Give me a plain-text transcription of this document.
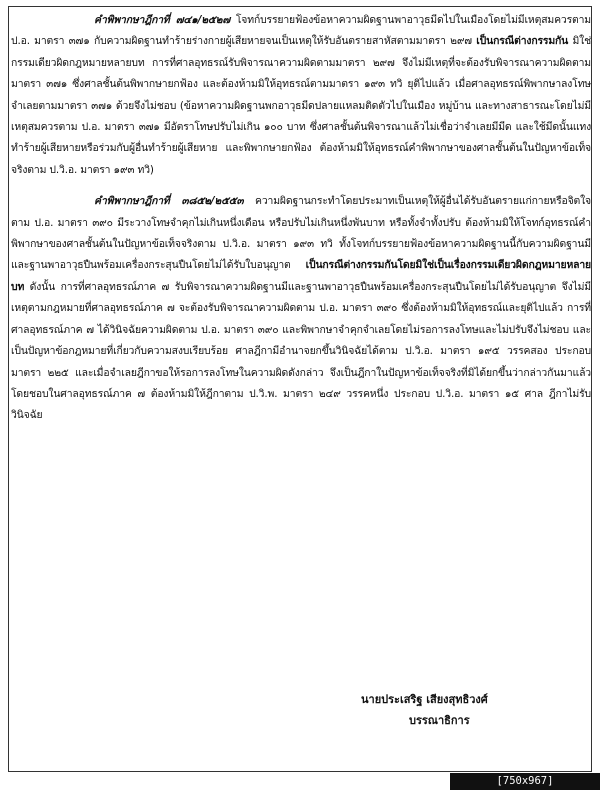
คำพิพากษาฎีกาที่ ๗๔๑/๒๕๒๗ โจทก์บรรยายฟ้องข้อหาความผิดฐานพาอาวุธมีดไปในเมืองโดยไม่มีเหตุสมควรตาม ป.อ. มาตรา ๓๗๑ กับความผิดฐานทำร้ายร่างกายผู้เสียหายจนเป็นเหตุให้รับอันตรายสาหัสตามมาตรา ๒๙๗ เป็นกรณีต่างกรรมกัน มิใช่กรรมเดียวผิดกฎหมายหลายบท การที่ศาลอุทธรณ์รับพิจารณาความผิดตามมาตรา ๒๙๗ จึงไม่มีเหตุที่จะต้องรับพิจารณาความผิดตามมาตรา ๓๗๑ ซึ่งศาลชั้นต้นพิพากษายกฟ้อง และต้องห้ามมิให้อุทธรณ์ตามมาตรา ๑๙๓ ทวิ ยุติไปแล้ว เมื่อศาลอุทธรณ์พิพากษาลงโทษจำเลยตามมาตรา ๓๗๑ ด้วยจึงไม่ชอบ (ข้อหาความผิดฐานพกอาวุธมีดปลายแหลมติดตัวไปในเมือง หมู่บ้าน และทางสาธารณะโดยไม่มีเหตุสมควรตาม ป.อ. มาตรา ๓๗๑ มีอัตราโทษปรับไม่เกิน ๑๐๐ บาท ซึ่งศาลชั้นต้นพิจารณาแล้วไม่เชื่อว่าจำเลยมีมีด และใช้มีดนั้นแทงทำร้ายผู้เสียหายหรือร่วมกับผู้อื่นทำร้ายผู้เสียหาย และพิพากษายกฟ้อง ต้องห้ามมิให้อุทธรณ์คำพิพากษาของศาลชั้นต้นในปัญหาข้อเท็จจริงตาม ป.วิ.อ. มาตรา ๑๙๓ ทวิ)

คำพิพากษาฎีกาที่ ๓๘๕๒/๒๕๕๓ ความผิดฐานกระทำโดยประมาทเป็นเหตุให้ผู้อื่นได้รับอันตรายแก่กายหรือจิตใจตาม ป.อ. มาตรา ๓๙๐ มีระวางโทษจำคุกไม่เกินหนึ่งเดือน หรือปรับไม่เกินหนึ่งพันบาท หรือทั้งจำทั้งปรับ ต้องห้ามมิให้โจทก์อุทธรณ์คำพิพากษาของศาลชั้นต้นในปัญหาข้อเท็จจริงตาม ป.วิ.อ. มาตรา ๑๙๓ ทวิ ทั้งโจทก์บรรยายฟ้องข้อหาความผิดฐานนี้กับความผิดฐานมีและฐานพาอาวุธปืนพร้อมเครื่องกระสุนปืนโดยไม่ได้รับใบอนุญาต เป็นกรณีต่างกรรมกันโดยมิใช่เป็นเรื่องกรรมเดียวผิดกฎหมายหลายบท ดังนั้น การที่ศาลอุทธรณ์ภาค ๗ รับพิจารณาความผิดฐานมีและฐานพาอาวุธปืนพร้อมเครื่องกระสุนปืนโดยไม่ได้รับอนุญาต จึงไม่มีเหตุตามกฎหมายที่ศาลอุทธรณ์ภาค ๗ จะต้องรับพิจารณาความผิดตาม ป.อ. มาตรา ๓๙๐ ซึ่งต้องห้ามมิให้อุทธรณ์และยุติไปแล้ว การที่ศาลอุทธรณ์ภาค ๗ ได้วินิจฉัยความผิดตาม ป.อ. มาตรา ๓๙๐ และพิพากษาจำคุกจำเลยโดยไม่รอการลงโทษและไม่ปรับจึงไม่ชอบ และเป็นปัญหาข้อกฎหมายที่เกี่ยวกับความสงบเรียบร้อย ศาลฎีกามีอำนาจยกขึ้นวินิจฉัยได้ตาม ป.วิ.อ. มาตรา ๑๙๕ วรรคสอง ประกอบมาตรา ๒๒๕ และเมื่อจำเลยฎีกาขอให้รอการลงโทษในความผิดดังกล่าว จึงเป็นฎีกาในปัญหาข้อเท็จจริงที่มิได้ยกขึ้นว่ากล่าวกันมาแล้วโดยชอบในศาลอุทธรณ์ภาค ๗ ต้องห้ามมิให้ฎีกาตาม ป.วิ.พ. มาตรา ๒๔๙ วรรคหนึ่ง ประกอบ ป.วิ.อ. มาตรา ๑๕ ศาล ฎีกาไม่รับวินิจฉัย

นายประเสริฐ เสียงสุทธิวงศ์
บรรณาธิการ
[750x967] https://upic.me/
